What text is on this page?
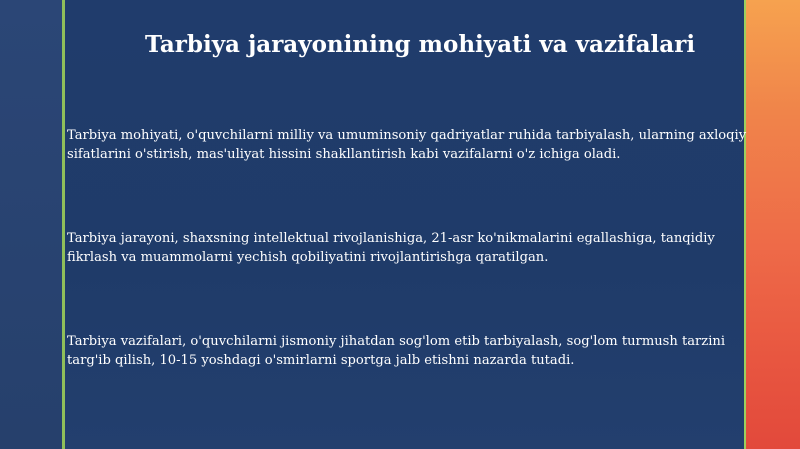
Tarbiya jarayonining mohiyati va vazifalari

Tarbiya mohiyati, o'quvchilarni milliy va umuminsoniy qadriyatlar ruhida tarbiyalash, ularning axloqiy sifatlarini o'stirish, mas'uliyat hissini shakllantirish kabi vazifalarni o'z ichiga oladi.

Tarbiya jarayoni, shaxsning intellektual rivojlanishiga, 21-asr ko'nikmalarini egallashiga, tanqidiy fikrlash va muammolarni yechish qobiliyatini rivojlantirishga qaratilgan.

Tarbiya vazifalari, o'quvchilarni jismoniy jihatdan sog'lom etib tarbiyalash, sog'lom turmush tarzini targ'ib qilish, 10-15 yoshdagi o'smirlarni sportga jalb etishni nazarda tutadi.
